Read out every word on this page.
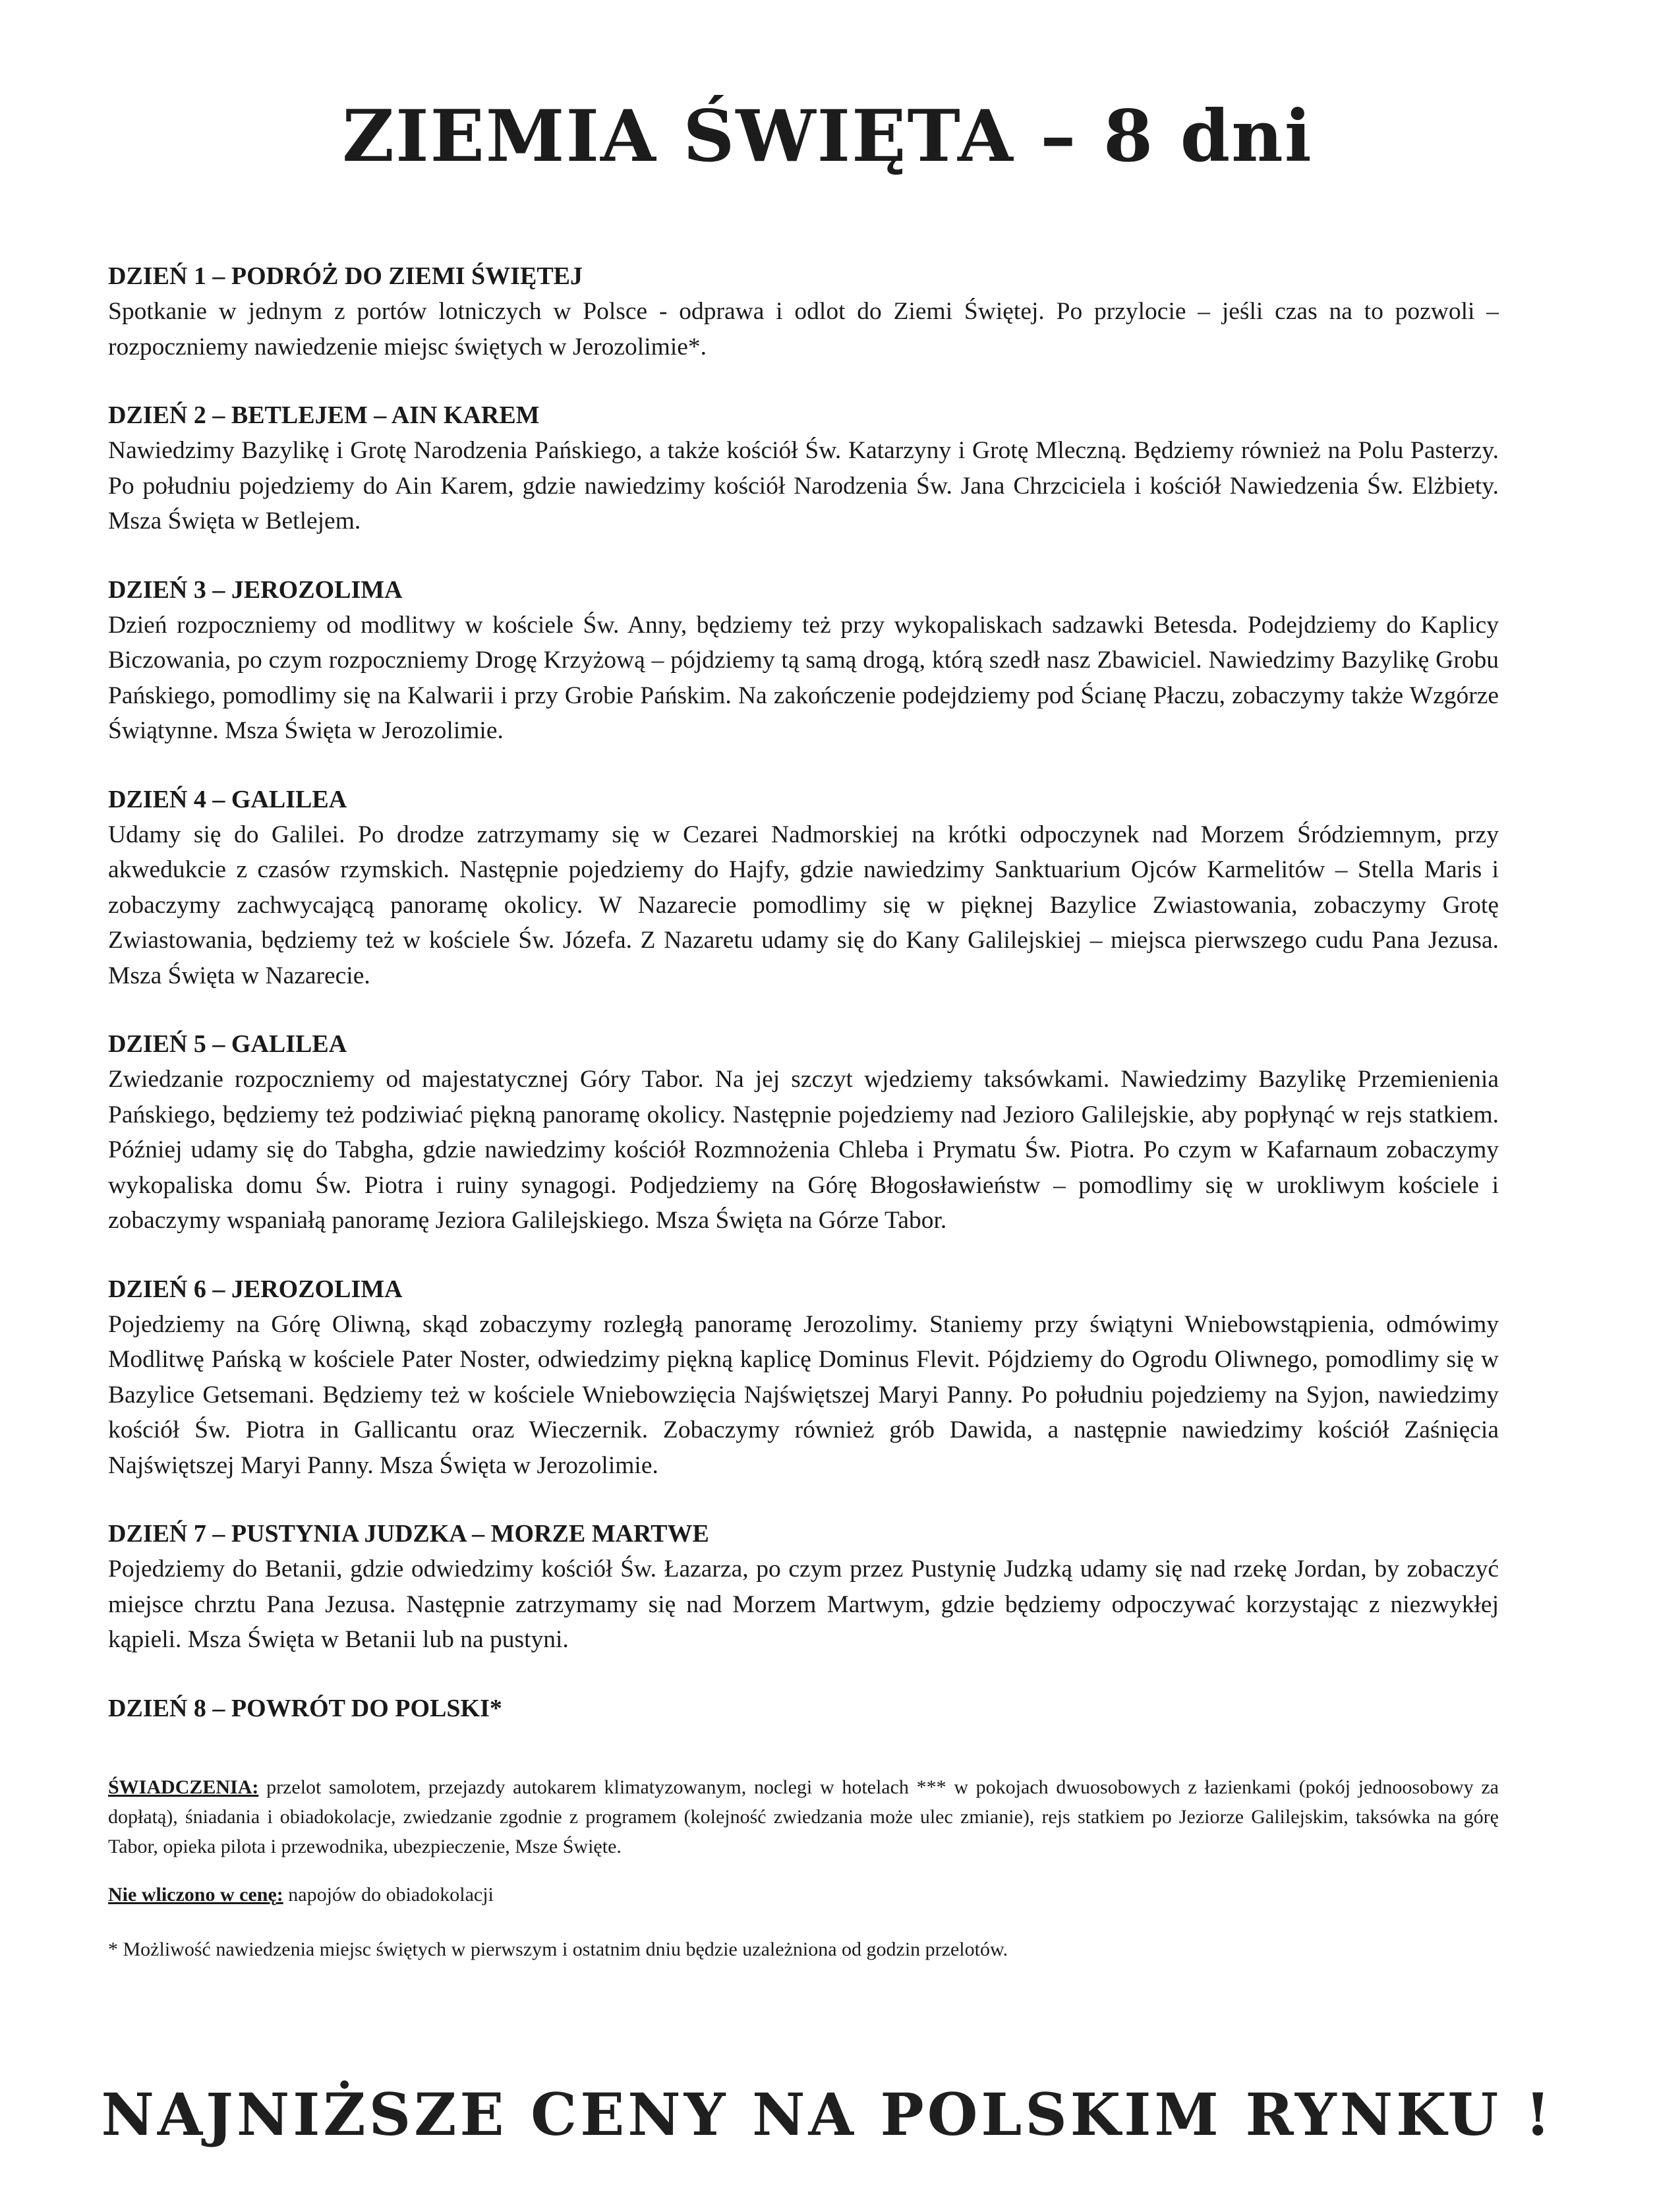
ZIEMIA ŚWIĘTA – 8 dni

DZIEŃ 1 – PODRÓŻ DO ZIEMI ŚWIĘTEJ

Spotkanie w jednym z portów lotniczych w Polsce - odprawa i odlot do Ziemi Świętej. Po przylocie – jeśli czas na to pozwoli – rozpoczniemy nawiedzenie miejsc świętych w Jerozolimie*.

DZIEŃ 2 – BETLEJEM – AIN KAREM

Nawiedzimy Bazylikę i Grotę Narodzenia Pańskiego, a także kościół Św. Katarzyny i Grotę Mleczną. Będziemy również na Polu Pasterzy. Po południu pojedziemy do Ain Karem, gdzie nawiedzimy kościół Narodzenia Św. Jana Chrzciciela i kościół Nawiedzenia Św. Elżbiety. Msza Święta w Betlejem.

DZIEŃ 3 – JEROZOLIMA

Dzień rozpoczniemy od modlitwy w kościele Św. Anny, będziemy też przy wykopaliskach sadzawki Betesda. Podejdziemy do Kaplicy Biczowania, po czym rozpoczniemy Drogę Krzyżową – pójdziemy tą samą drogą, którą szedł nasz Zbawiciel. Nawiedzimy Bazylikę Grobu Pańskiego, pomodlimy się na Kalwarii i przy Grobie Pańskim. Na zakończenie podejdziemy pod Ścianę Płaczu, zobaczymy także Wzgórze Świątynne. Msza Święta w Jerozolimie.

DZIEŃ 4 – GALILEA

Udamy się do Galilei. Po drodze zatrzymamy się w Cezarei Nadmorskiej na krótki odpoczynek nad Morzem Śródziemnym, przy akwedukcie z czasów rzymskich. Następnie pojedziemy do Hajfy, gdzie nawiedzimy Sanktuarium Ojców Karmelitów – Stella Maris i zobaczymy zachwycającą panoramę okolicy. W Nazarecie pomodlimy się w pięknej Bazylice Zwiastowania, zobaczymy Grotę Zwiastowania, będziemy też w kościele Św. Józefa. Z Nazaretu udamy się do Kany Galilejskiej – miejsca pierwszego cudu Pana Jezusa. Msza Święta w Nazarecie.

DZIEŃ 5 – GALILEA

Zwiedzanie rozpoczniemy od majestatycznej Góry Tabor. Na jej szczyt wjedziemy taksówkami. Nawiedzimy Bazylikę Przemienienia Pańskiego, będziemy też podziwiać piękną panoramę okolicy. Następnie pojedziemy nad Jezioro Galilejskie, aby popłynąć w rejs statkiem. Później udamy się do Tabgha, gdzie nawiedzimy kościół Rozmnożenia Chleba i Prymatu Św. Piotra. Po czym w Kafarnaum zobaczymy wykopaliska domu Św. Piotra i ruiny synagogi. Podjedziemy na Górę Błogosławieństw – pomodlimy się w urokliwym kościele i zobaczymy wspaniałą panoramę Jeziora Galilejskiego. Msza Święta na Górze Tabor.

DZIEŃ 6 – JEROZOLIMA

Pojedziemy na Górę Oliwną, skąd zobaczymy rozległą panoramę Jerozolimy. Staniemy przy świątyni Wniebowstąpienia, odmówimy Modlitwę Pańską w kościele Pater Noster, odwiedzimy piękną kaplicę Dominus Flevit. Pójdziemy do Ogrodu Oliwnego, pomodlimy się w Bazylice Getsemani. Będziemy też w kościele Wniebowzięcia Najświętszej Maryi Panny. Po południu pojedziemy na Syjon, nawiedzimy kościół Św. Piotra in Gallicantu oraz Wieczernik. Zobaczymy również grób Dawida, a następnie nawiedzimy kościół Zaśnięcia Najświętszej Maryi Panny. Msza Święta w Jerozolimie.

DZIEŃ 7 – PUSTYNIA JUDZKA – MORZE MARTWE

Pojedziemy do Betanii, gdzie odwiedzimy kościół Św. Łazarza, po czym przez Pustynię Judzką udamy się nad rzekę Jordan, by zobaczyć miejsce chrztu Pana Jezusa. Następnie zatrzymamy się nad Morzem Martwym, gdzie będziemy odpoczywać korzystając z niezwykłej kąpieli. Msza Święta w Betanii lub na pustyni.

DZIEŃ 8 – POWRÓT DO POLSKI*

ŚWIADCZENIA: przelot samolotem, przejazdy autokarem klimatyzowanym, noclegi w hotelach *** w pokojach dwuosobowych z łazienkami (pokój jednoosobowy za dopłatą), śniadania i obiadokolacje, zwiedzanie zgodnie z programem (kolejność zwiedzania może ulec zmianie), rejs statkiem po Jeziorze Galilejskim, taksówka na górę Tabor, opieka pilota i przewodnika, ubezpieczenie, Msze Święte.

Nie wliczono w cenę: napojów do obiadokolacji

* Możliwość nawiedzenia miejsc świętych w pierwszym i ostatnim dniu będzie uzależniona od godzin przelotów.

NAJNIŻSZE CENY NA POLSKIM RYNKU !
